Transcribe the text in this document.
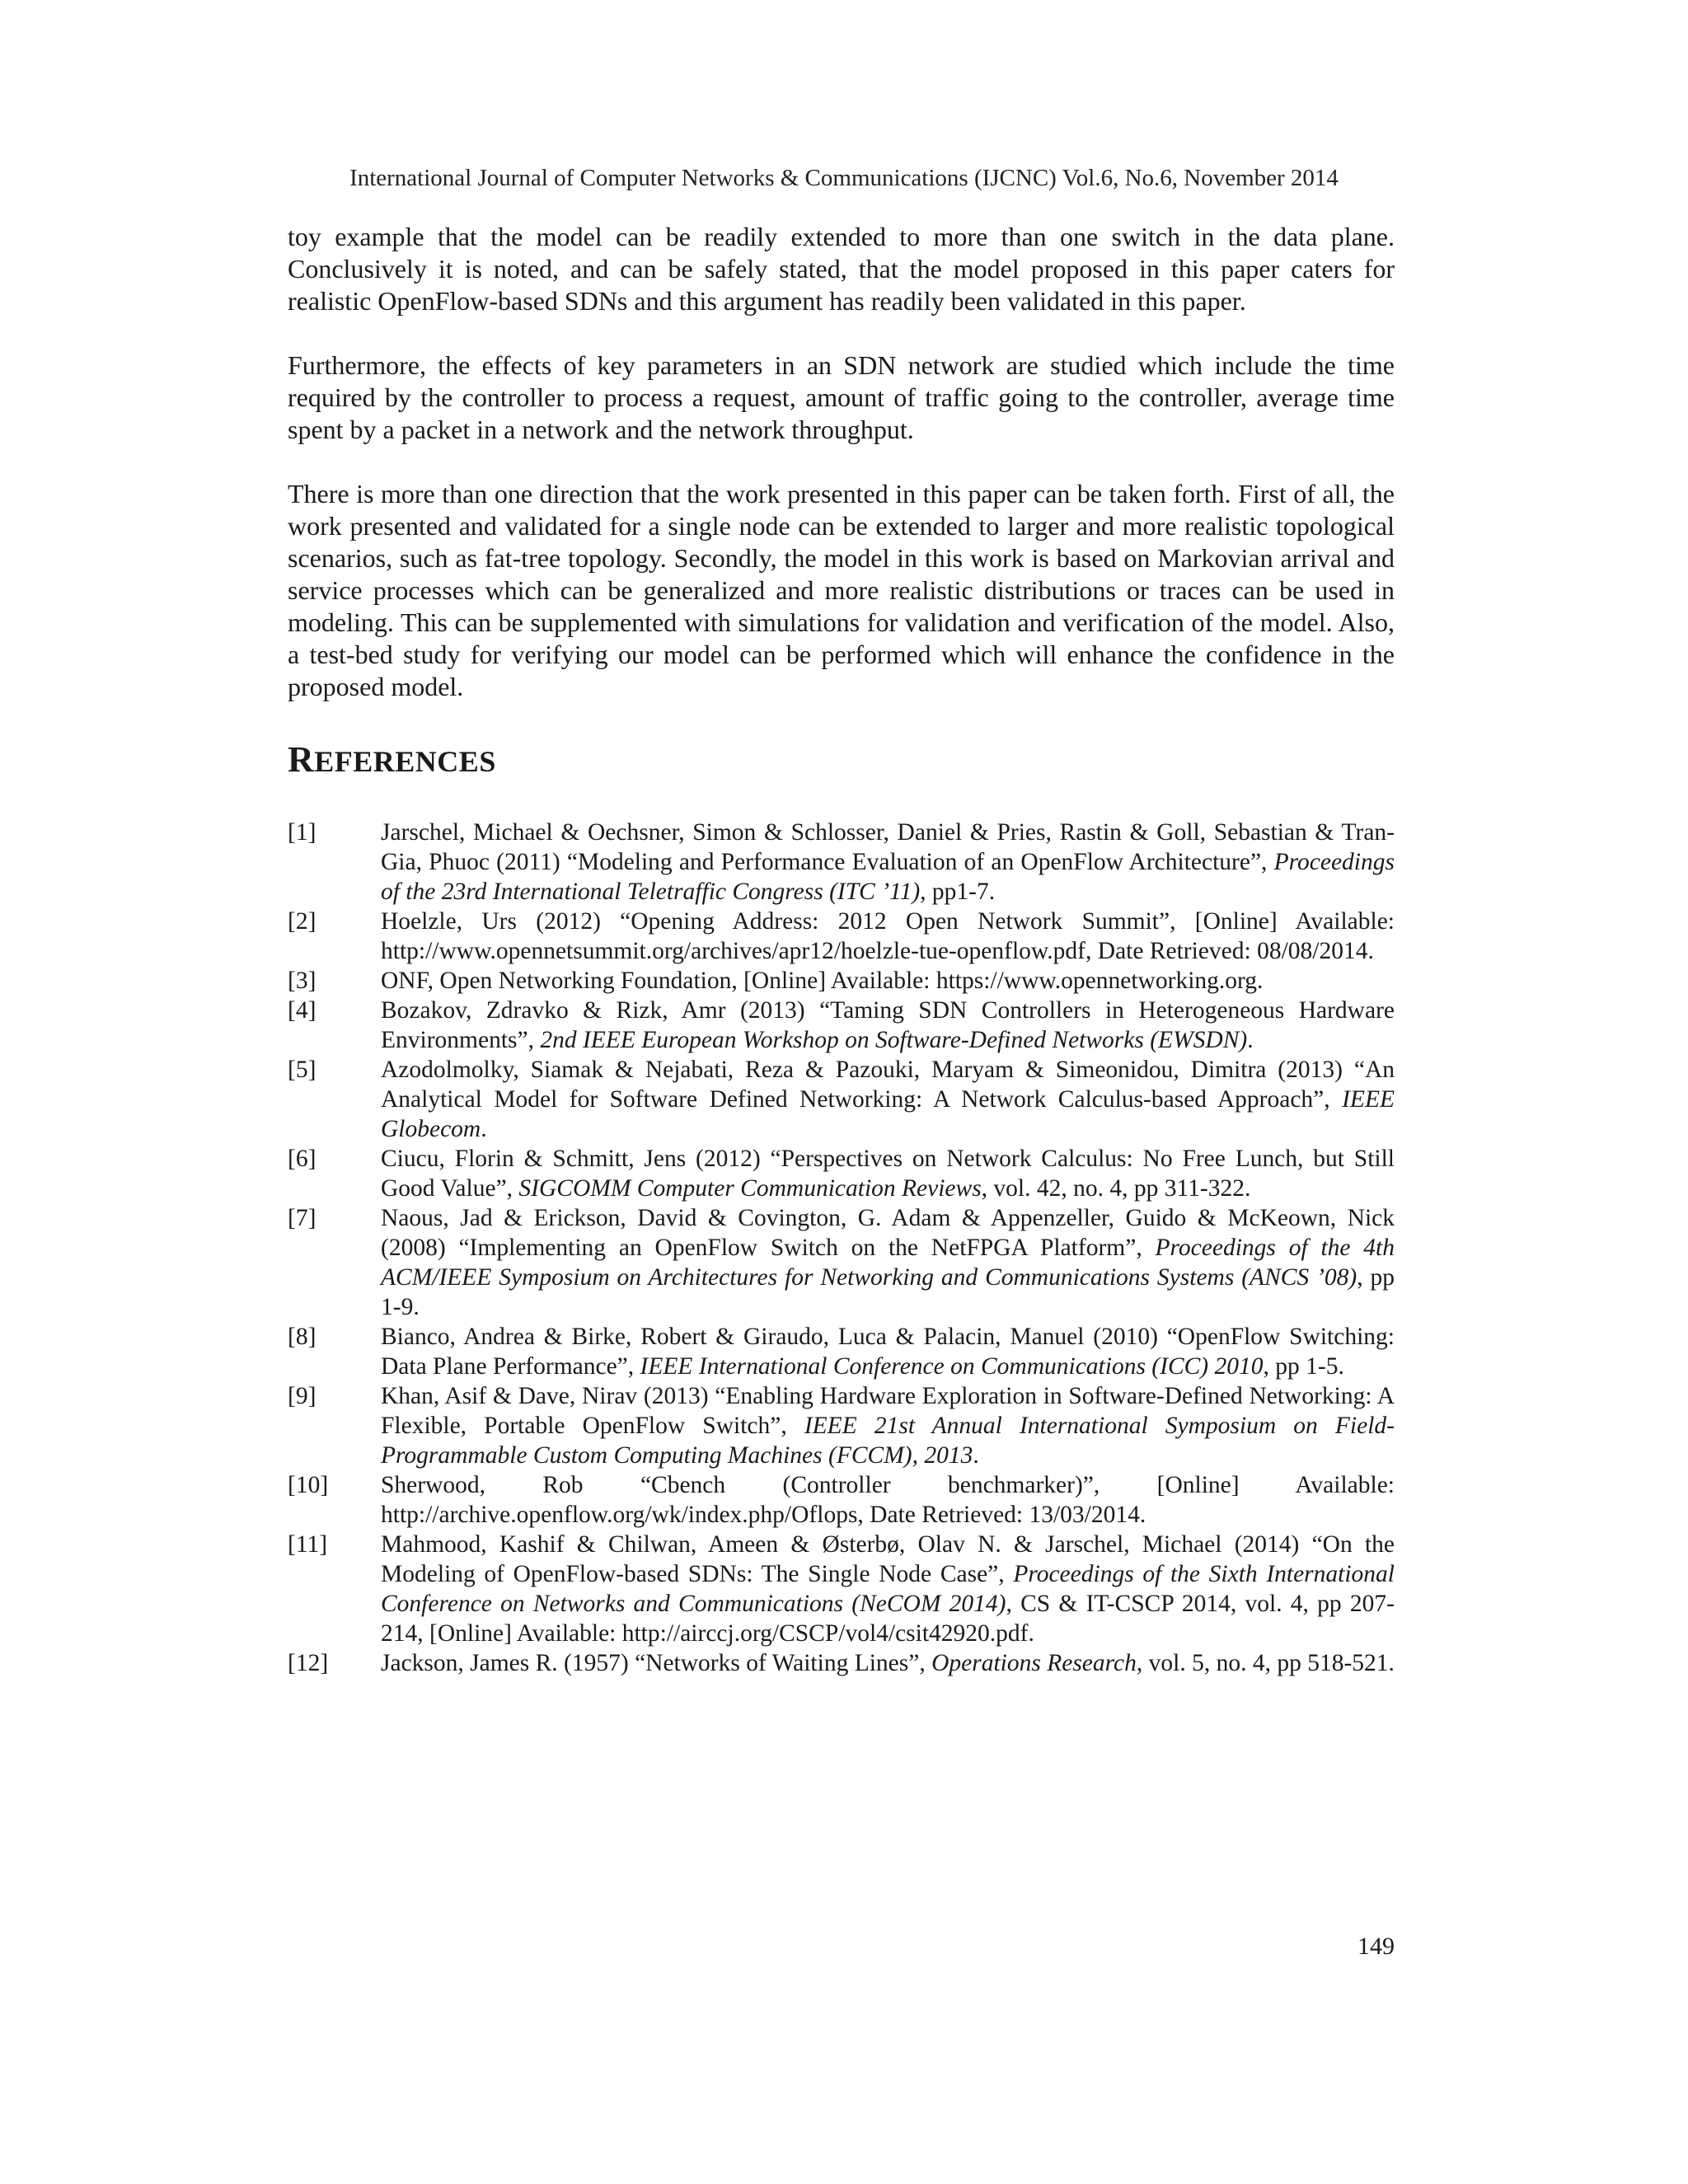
International Journal of Computer Networks & Communications (IJCNC) Vol.6, No.6, November 2014

toy example that the model can be readily extended to more than one switch in the data plane. Conclusively it is noted, and can be safely stated, that the model proposed in this paper caters for realistic OpenFlow-based SDNs and this argument has readily been validated in this paper.

Furthermore, the effects of key parameters in an SDN network are studied which include the time required by the controller to process a request, amount of traffic going to the controller, average time spent by a packet in a network and the network throughput.

There is more than one direction that the work presented in this paper can be taken forth. First of all, the work presented and validated for a single node can be extended to larger and more realistic topological scenarios, such as fat-tree topology. Secondly, the model in this work is based on Markovian arrival and service processes which can be generalized and more realistic distributions or traces can be used in modeling. This can be supplemented with simulations for validation and verification of the model. Also, a test-bed study for verifying our model can be performed which will enhance the confidence in the proposed model.

REFERENCES
[1]	Jarschel, Michael & Oechsner, Simon & Schlosser, Daniel & Pries, Rastin & Goll, Sebastian & Tran-Gia, Phuoc (2011) “Modeling and Performance Evaluation of an OpenFlow Architecture”, Proceedings of the 23rd International Teletraffic Congress (ITC ’11), pp1-7.
[2]	Hoelzle, Urs (2012) “Opening Address: 2012 Open Network Summit”, [Online] Available: http://www.opennetsummit.org/archives/apr12/hoelzle-tue-openflow.pdf, Date Retrieved: 08/08/2014.
[3]	ONF, Open Networking Foundation, [Online] Available: https://www.opennetworking.org.
[4]	Bozakov, Zdravko & Rizk, Amr (2013) “Taming SDN Controllers in Heterogeneous Hardware Environments”, 2nd IEEE European Workshop on Software-Defined Networks (EWSDN).
[5]	Azodolmolky, Siamak & Nejabati, Reza & Pazouki, Maryam & Simeonidou, Dimitra (2013) “An Analytical Model for Software Defined Networking: A Network Calculus-based Approach”, IEEE Globecom.
[6]	Ciucu, Florin & Schmitt, Jens (2012) “Perspectives on Network Calculus: No Free Lunch, but Still Good Value”, SIGCOMM Computer Communication Reviews, vol. 42, no. 4, pp 311-322.
[7]	Naous, Jad & Erickson, David & Covington, G. Adam & Appenzeller, Guido & McKeown, Nick (2008) “Implementing an OpenFlow Switch on the NetFPGA Platform”, Proceedings of the 4th ACM/IEEE Symposium on Architectures for Networking and Communications Systems (ANCS ’08), pp 1-9.
[8]	Bianco, Andrea & Birke, Robert & Giraudo, Luca & Palacin, Manuel (2010) “OpenFlow Switching: Data Plane Performance”, IEEE International Conference on Communications (ICC) 2010, pp 1-5.
[9]	Khan, Asif & Dave, Nirav (2013) “Enabling Hardware Exploration in Software-Defined Networking: A Flexible, Portable OpenFlow Switch”, IEEE 21st Annual International Symposium on Field-Programmable Custom Computing Machines (FCCM), 2013.
[10]	Sherwood, Rob “Cbench (Controller benchmarker)”, [Online] Available: http://archive.openflow.org/wk/index.php/Oflops, Date Retrieved: 13/03/2014.
[11]	Mahmood, Kashif & Chilwan, Ameen & Østerbø, Olav N. & Jarschel, Michael (2014) “On the Modeling of OpenFlow-based SDNs: The Single Node Case”, Proceedings of the Sixth International Conference on Networks and Communications (NeCOM 2014), CS & IT-CSCP 2014, vol. 4, pp 207-214, [Online] Available: http://airccj.org/CSCP/vol4/csit42920.pdf.
[12]	Jackson, James R. (1957) “Networks of Waiting Lines”, Operations Research, vol. 5, no. 4, pp 518-521.
149
